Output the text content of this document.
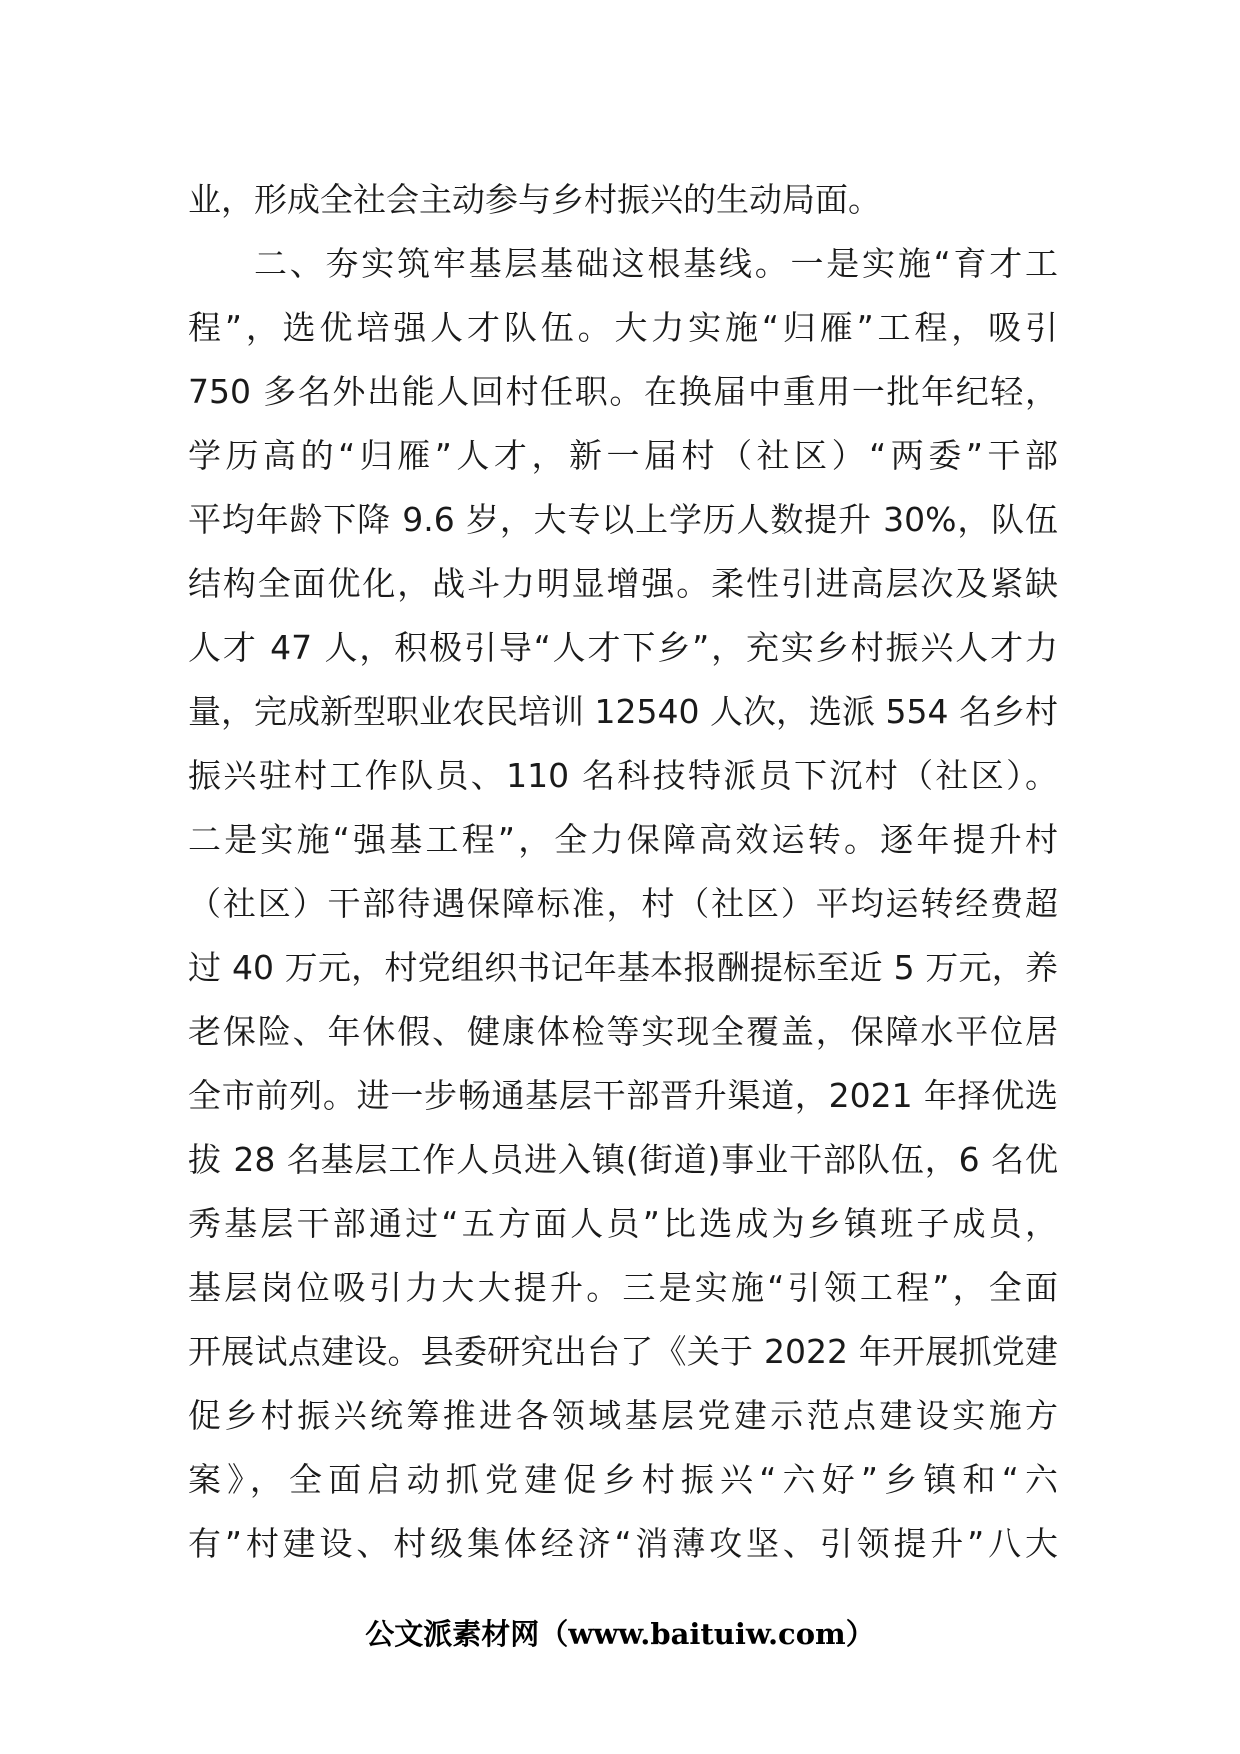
业，形成全社会主动参与乡村振兴的生动局面。
二、夯实筑牢基层基础这根基线。一是实施“育才工
程”，选优培强人才队伍。大力实施“归雁”工程，吸引
750 多名外出能人回村任职。在换届中重用一批年纪轻，
学历高的“归雁”人才，新一届村（社区）“两委”干部
平均年龄下降 9.6 岁，大专以上学历人数提升 30%，队伍
结构全面优化，战斗力明显增强。柔性引进高层次及紧缺
人才 47 人，积极引导“人才下乡”，充实乡村振兴人才力
量，完成新型职业农民培训 12540 人次，选派 554 名乡村
振兴驻村工作队员、110 名科技特派员下沉村（社区）。
二是实施“强基工程”，全力保障高效运转。逐年提升村
（社区）干部待遇保障标准，村（社区）平均运转经费超
过 40 万元，村党组织书记年基本报酬提标至近 5 万元，养
老保险、年休假、健康体检等实现全覆盖，保障水平位居
全市前列。进一步畅通基层干部晋升渠道，2021 年择优选
拔 28 名基层工作人员进入镇(街道)事业干部队伍，6 名优
秀基层干部通过“五方面人员”比选成为乡镇班子成员，
基层岗位吸引力大大提升。三是实施“引领工程”，全面
开展试点建设。县委研究出台了《关于 2022 年开展抓党建
促乡村振兴统筹推进各领域基层党建示范点建设实施方
案》，全面启动抓党建促乡村振兴“六好”乡镇和“六
有”村建设、村级集体经济“消薄攻坚、引领提升”八大
公文派素材网（www.baituiw.com）
